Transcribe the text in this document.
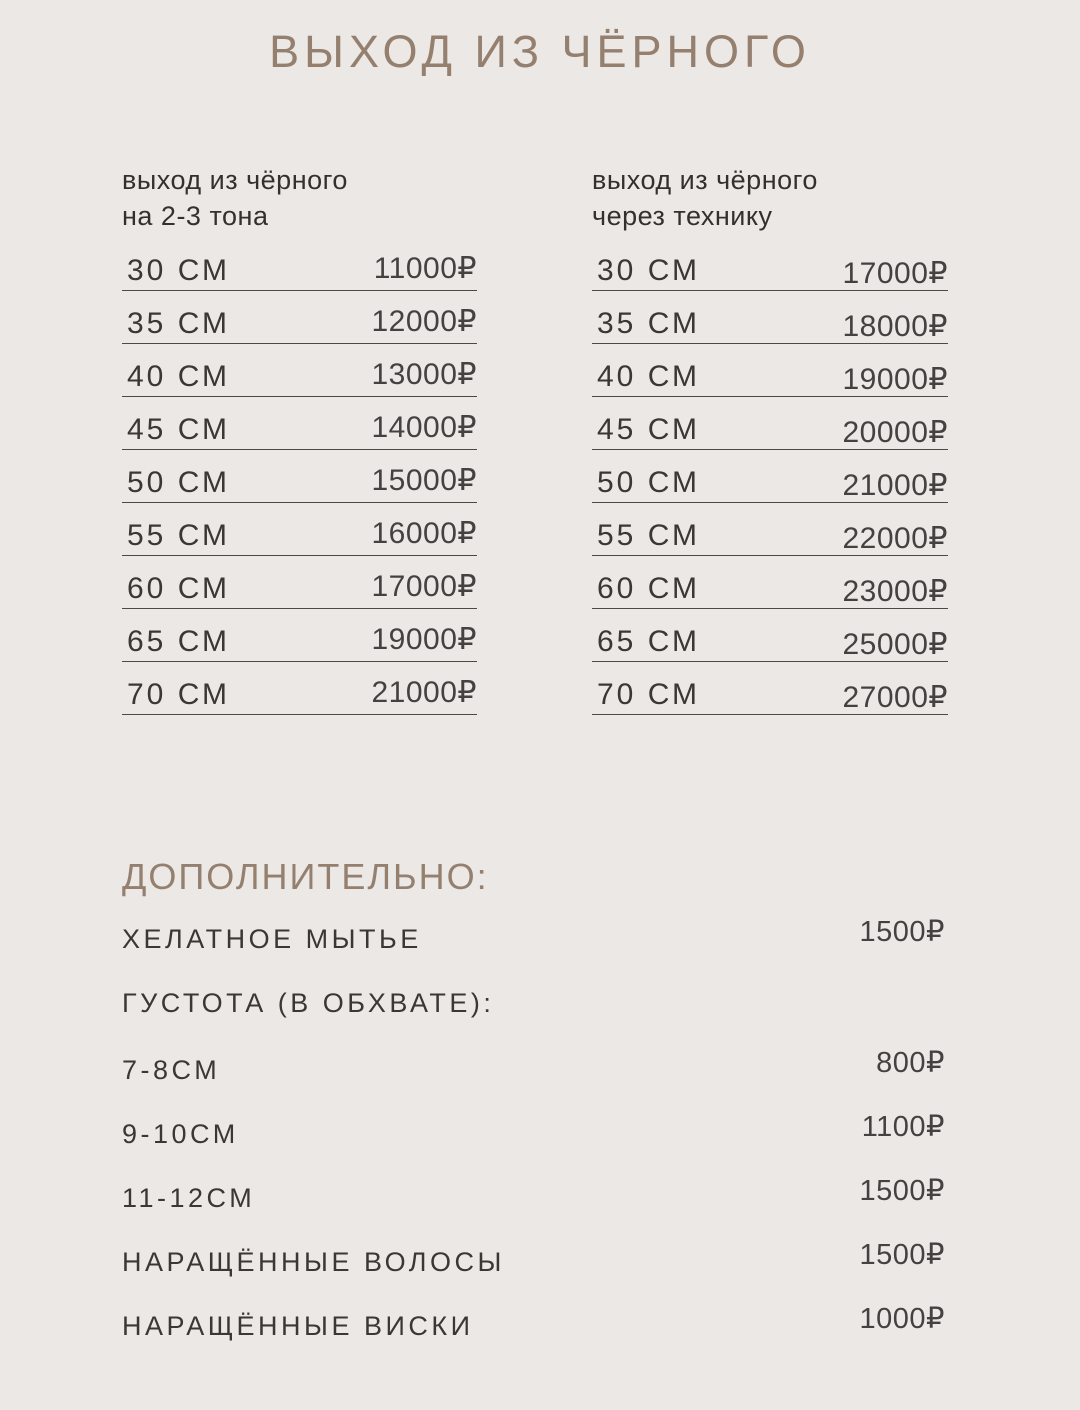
ВЫХОД ИЗ ЧЁРНОГО
выход из чёрного
на 2-3 тона
30 СМ	11000₽
35 СМ	12000₽
40 СМ	13000₽
45 СМ	14000₽
50 СМ	15000₽
55 СМ	16000₽
60 СМ	17000₽
65 СМ	19000₽
70 СМ	21000₽
выход из чёрного
через технику
30 СМ	17000₽
35 СМ	18000₽
40 СМ	19000₽
45 СМ	20000₽
50 СМ	21000₽
55 СМ	22000₽
60 СМ	23000₽
65 СМ	25000₽
70 СМ	27000₽
ДОПОЛНИТЕЛЬНО:
ХЕЛАТНОЕ МЫТЬЕ	1500₽
ГУСТОТА (В ОБХВАТЕ):
7-8СМ	800₽
9-10СМ	1100₽
11-12СМ	1500₽
НАРАЩЁННЫЕ ВОЛОСЫ	1500₽
НАРАЩЁННЫЕ ВИСКИ	1000₽
